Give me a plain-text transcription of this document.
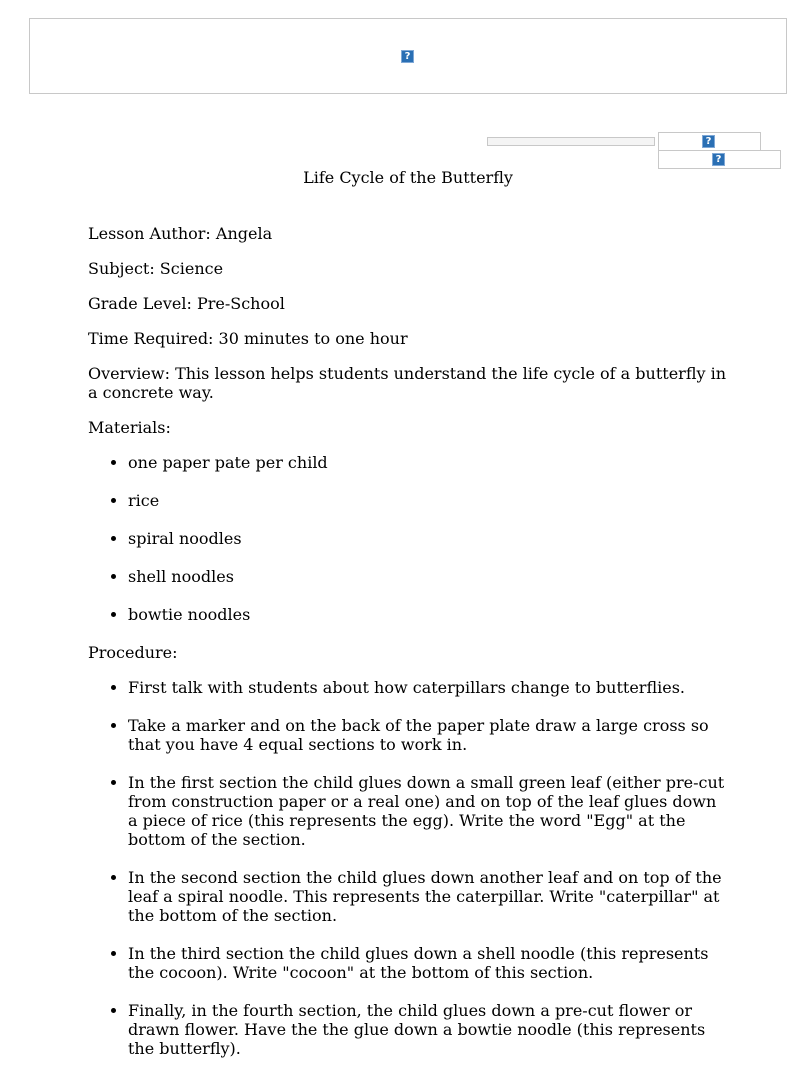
?
?
?

Life Cycle of the Butterfly

Lesson Author: Angela

Subject: Science

Grade Level: Pre-School

Time Required: 30 minutes to one hour

Overview: This lesson helps students understand the life cycle of a butterfly in a concrete way.

Materials:

• one paper pate per child
• rice
• spiral noodles
• shell noodles
• bowtie noodles

Procedure:

• First talk with students about how caterpillars change to butterflies.
• Take a marker and on the back of the paper plate draw a large cross so that you have 4 equal sections to work in.
• In the first section the child glues down a small green leaf (either pre-cut from construction paper or a real one) and on top of the leaf glues down a piece of rice (this represents the egg). Write the word "Egg" at the bottom of the section.
• In the second section the child glues down another leaf and on top of the leaf a spiral noodle. This represents the caterpillar. Write "caterpillar" at the bottom of the section.
• In the third section the child glues down a shell noodle (this represents the cocoon). Write "cocoon" at the bottom of this section.
• Finally, in the fourth section, the child glues down a pre-cut flower or drawn flower. Have the the glue down a bowtie noodle (this represents the butterfly).
